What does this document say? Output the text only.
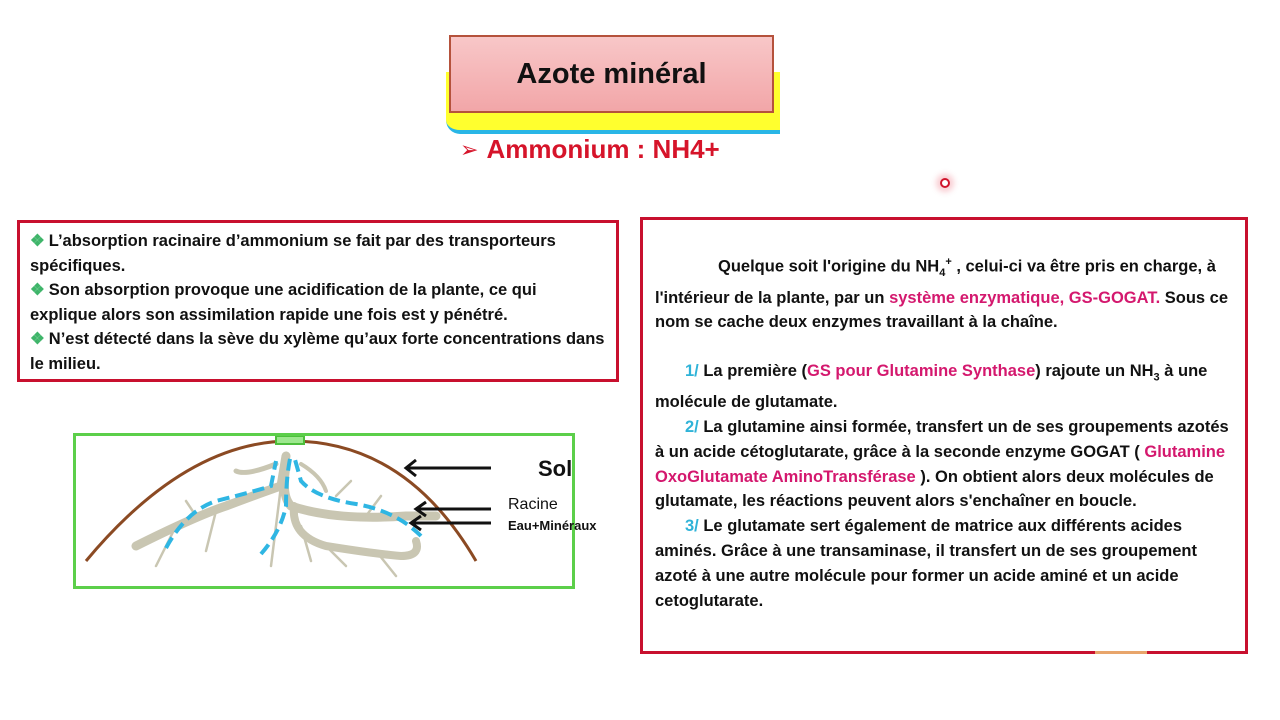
Azote minéral
➢ Ammonium : NH4+
❖ L’absorption racinaire d’ammonium se fait par des transporteurs spécifiques.
❖ Son absorption provoque une acidification de la plante, ce qui explique alors son assimilation rapide une fois est y pénétré.
❖ N’est détecté dans la sève du xylème qu’aux forte concentrations dans le milieu.
Sol
Racine
Eau+Minéraux

Quelque soit l'origine du $NH_4^+$ , celui-ci va être pris en charge, à l'intérieur de la plante, par un système enzymatique, GS-GOGAT. Sous ce nom se cache deux enzymes travaillant à la chaîne.

1/ La première (GS pour Glutamine Synthase) rajoute un $NH_3$ à une molécule de glutamate.

2/ La glutamine ainsi formée, transfert un de ses groupements azotés à un acide cétoglutarate, grâce à la seconde enzyme GOGAT ( Glutamine OxoGlutamate AminoTransférase ). On obtient alors deux molécules de glutamate, les réactions peuvent alors s'enchaîner en boucle.

3/ Le glutamate sert également de matrice aux différents acides aminés. Grâce à une transaminase, il transfert un de ses groupement azoté à une autre molécule pour former un acide aminé et un acide cetoglutarate.
